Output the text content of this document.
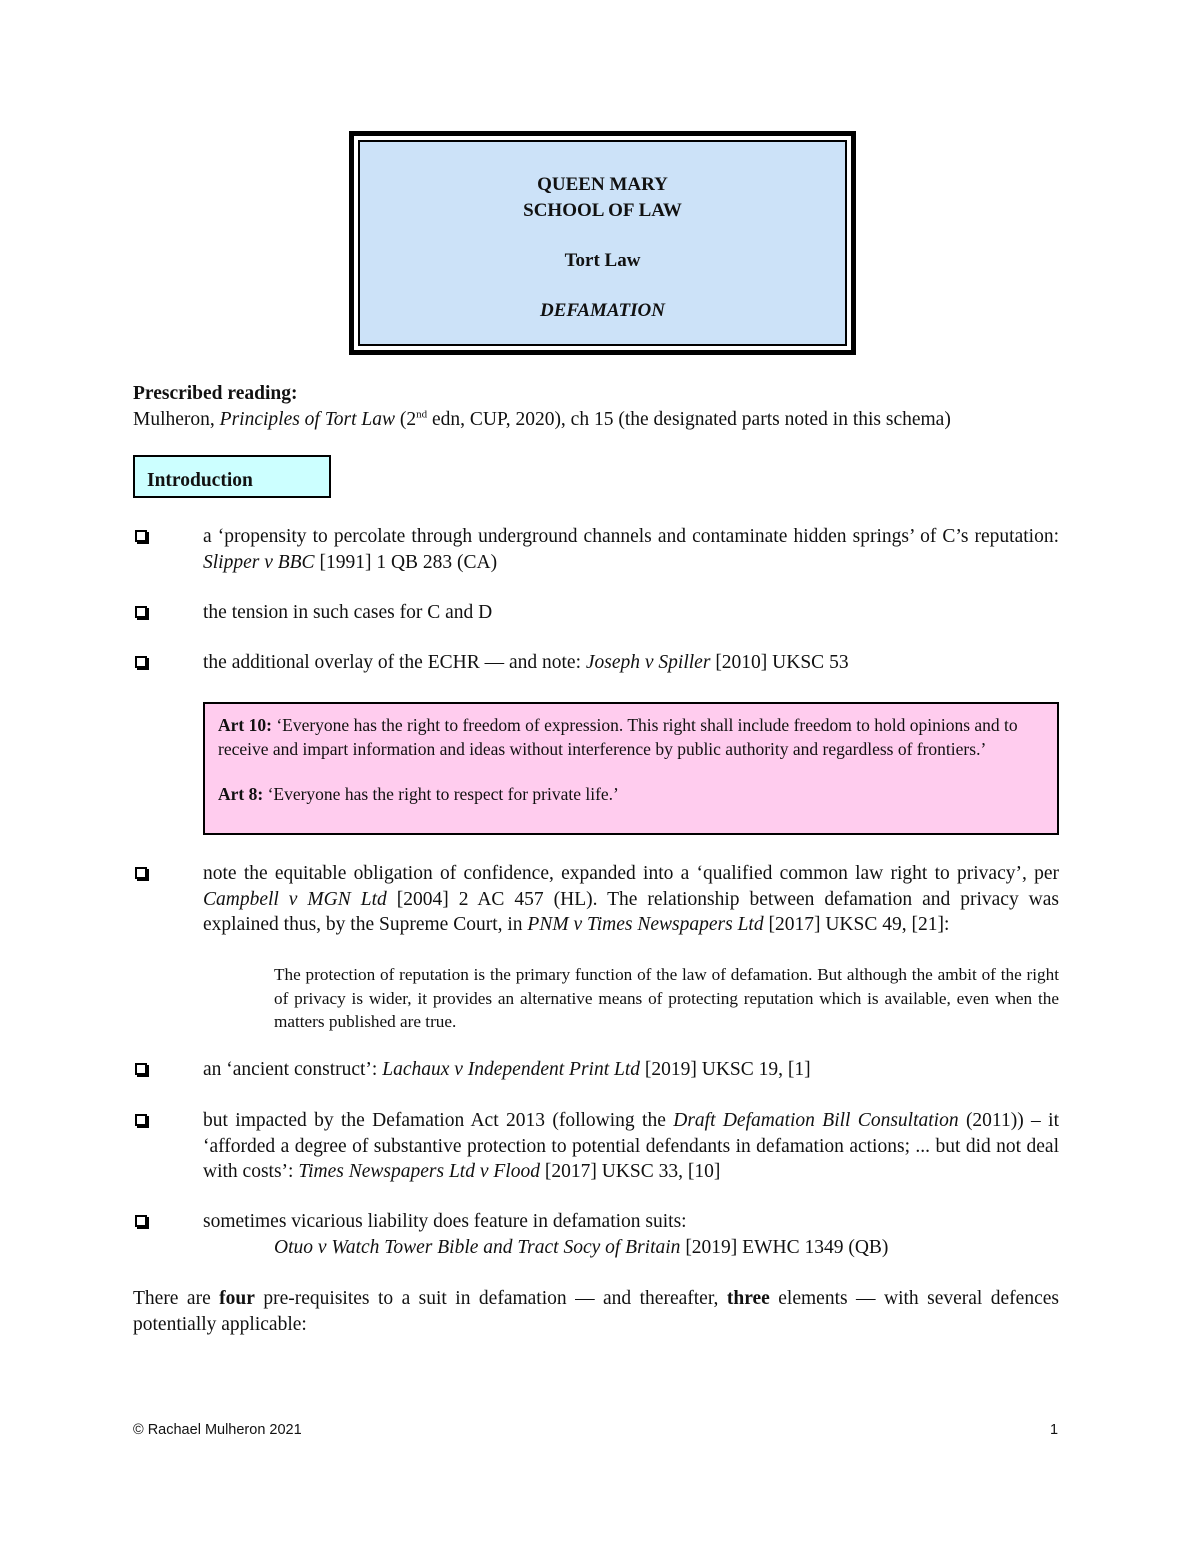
QUEEN MARY
SCHOOL OF LAW
Tort Law
DEFAMATION
Prescribed reading:
Mulheron, Principles of Tort Law (2nd edn, CUP, 2020), ch 15 (the designated parts noted in this schema)
Introduction
a ‘propensity to percolate through underground channels and contaminate hidden springs’ of C’s reputation: Slipper v BBC [1991] 1 QB 283 (CA)
the tension in such cases for C and D
the additional overlay of the ECHR — and note: Joseph v Spiller [2010] UKSC 53

Art 10: ‘Everyone has the right to freedom of expression. This right shall include freedom to hold opinions and to receive and impart information and ideas without interference by public authority and regardless of frontiers.’

Art 8: ‘Everyone has the right to respect for private life.’

note the equitable obligation of confidence, expanded into a ‘qualified common law right to privacy’, per Campbell v MGN Ltd [2004] 2 AC 457 (HL). The relationship between defamation and privacy was explained thus, by the Supreme Court, in PNM v Times Newspapers Ltd [2017] UKSC 49, [21]:
The protection of reputation is the primary function of the law of defamation. But although the ambit of the right of privacy is wider, it provides an alternative means of protecting reputation which is available, even when the matters published are true.
an ‘ancient construct’: Lachaux v Independent Print Ltd [2019] UKSC 19, [1]
but impacted by the Defamation Act 2013 (following the Draft Defamation Bill Consultation (2011)) – it ‘afforded a degree of substantive protection to potential defendants in defamation actions; ... but did not deal with costs’: Times Newspapers Ltd v Flood [2017] UKSC 33, [10]
sometimes vicarious liability does feature in defamation suits:
Otuo v Watch Tower Bible and Tract Socy of Britain [2019] EWHC 1349 (QB)
There are four pre-requisites to a suit in defamation — and thereafter, three elements — with several defences potentially applicable:
© Rachael Mulheron 2021	1
